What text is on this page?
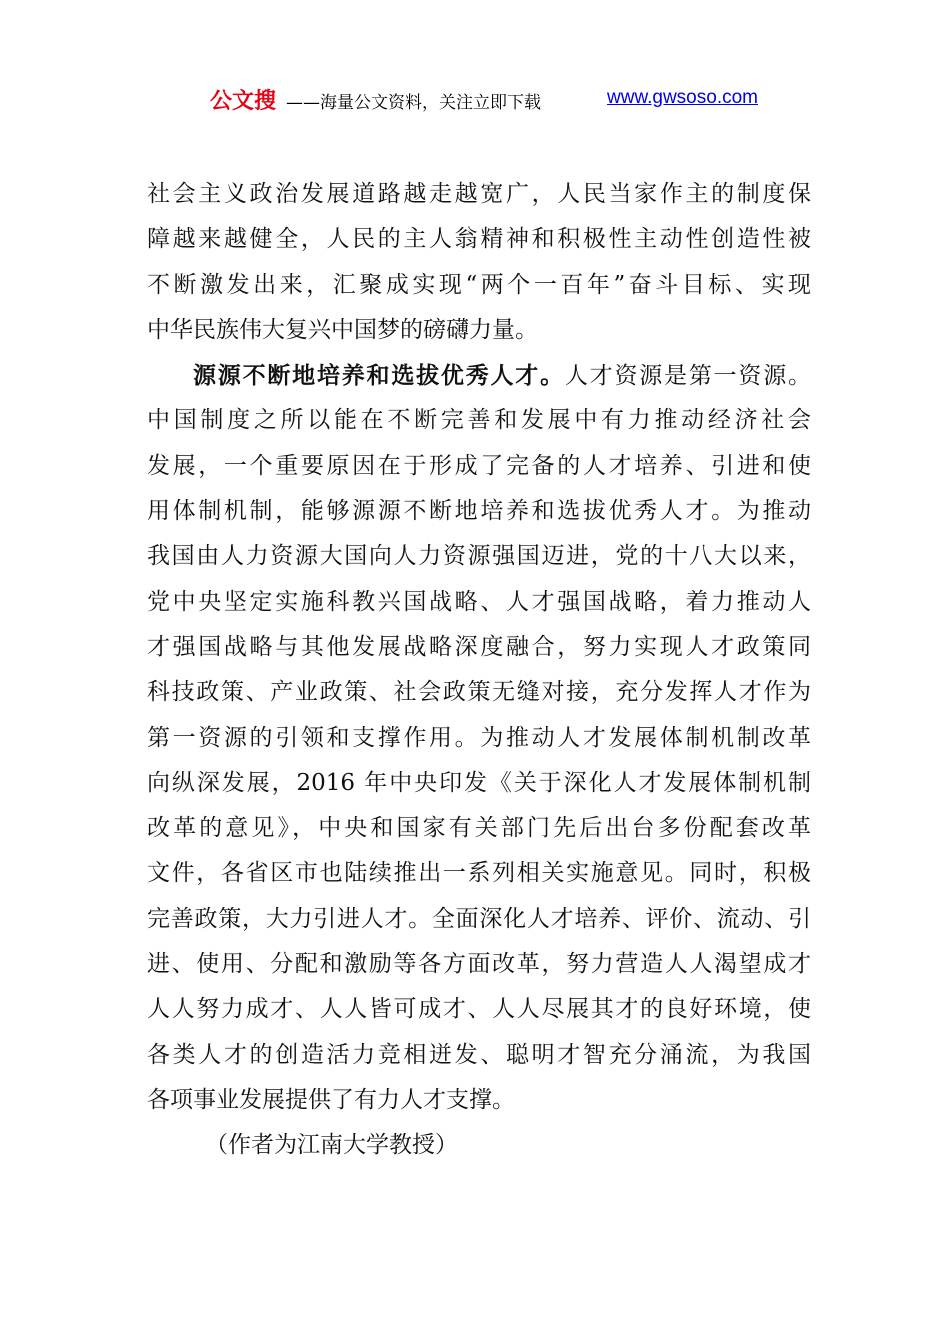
公文搜 ——海量公文资料，关注立即下载	www.gwsoso.com
社会主义政治发展道路越走越宽广，人民当家作主的制度保
障越来越健全，人民的主人翁精神和积极性主动性创造性被
不断激发出来，汇聚成实现“两个一百年”奋斗目标、实现
中华民族伟大复兴中国梦的磅礴力量。
源源不断地培养和选拔优秀人才。人才资源是第一资源。
中国制度之所以能在不断完善和发展中有力推动经济社会
发展，一个重要原因在于形成了完备的人才培养、引进和使
用体制机制，能够源源不断地培养和选拔优秀人才。为推动
我国由人力资源大国向人力资源强国迈进，党的十八大以来，
党中央坚定实施科教兴国战略、人才强国战略，着力推动人
才强国战略与其他发展战略深度融合，努力实现人才政策同
科技政策、产业政策、社会政策无缝对接，充分发挥人才作为
第一资源的引领和支撑作用。为推动人才发展体制机制改革
向纵深发展，2016 年中央印发《关于深化人才发展体制机制
改革的意见》，中央和国家有关部门先后出台多份配套改革
文件，各省区市也陆续推出一系列相关实施意见。同时，积极
完善政策，大力引进人才。全面深化人才培养、评价、流动、引
进、使用、分配和激励等各方面改革，努力营造人人渴望成才
人人努力成才、人人皆可成才、人人尽展其才的良好环境，使
各类人才的创造活力竞相迸发、聪明才智充分涌流，为我国
各项事业发展提供了有力人才支撑。
（作者为江南大学教授）
